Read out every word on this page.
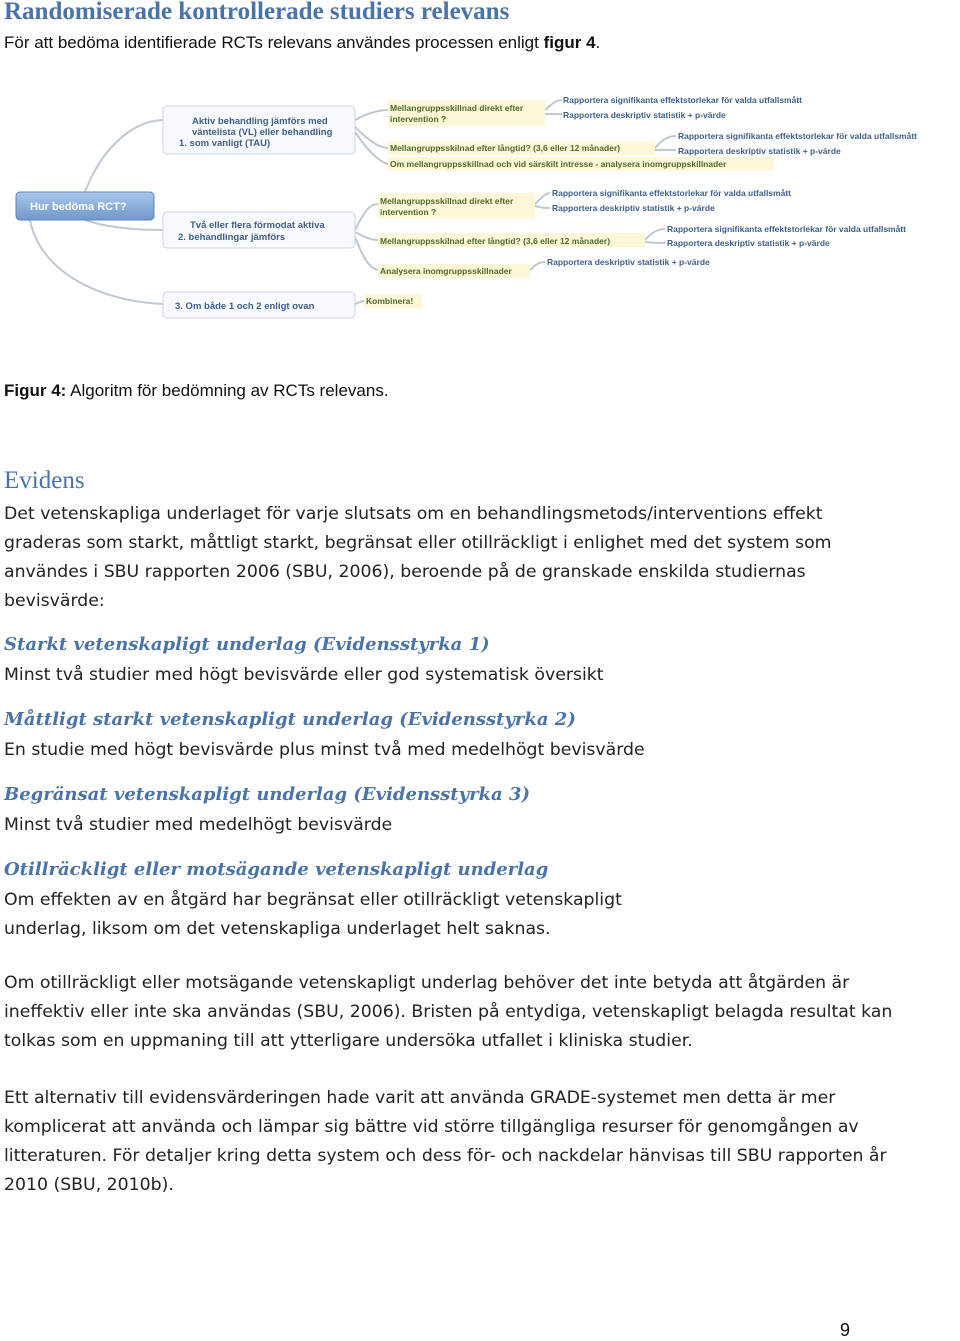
Randomiserade kontrollerade studiers relevans
För att bedöma identifierade RCTs relevans användes processen enligt figur 4.
Hur bedöma RCT?
Aktiv behandling jämförs med
väntelista (VL) eller behandling
1. som vanligt (TAU)
Två eller flera förmodat aktiva
2. behandlingar jämförs
3. Om både 1 och 2 enligt ovan
Mellangruppsskillnad direkt efter
intervention ?
Mellangruppsskilnad efter långtid? (3,6 eller 12 månader)
Om mellangruppsskillnad och vid särskilt intresse - analysera inomgruppskillnader
Rapportera signifikanta effektstorlekar för valda utfallsmått
Rapportera deskriptiv statistik + p-värde
Rapportera signifikanta effektstorlekar för valda utfallsmått
Rapportera deskriptiv statistik + p-värde
Mellangruppsskillnad direkt efter
intervention ?
Mellangruppsskilnad efter långtid? (3,6 eller 12 månader)
Analysera inomgruppsskillnader
Rapportera signifikanta effektstorlekar för valda utfallsmått
Rapportera deskriptiv statistik + p-värde
Rapportera signifikanta effektstorlekar för valda utfallsmått
Rapportera deskriptiv statistik + p-värde
Rapportera deskriptiv statistik + p-värde
Kombinera!
Figur 4: Algoritm för bedömning av RCTs relevans.
Evidens
Det vetenskapliga underlaget för varje slutsats om en behandlingsmetods/interventions effekt
graderas som starkt, måttligt starkt, begränsat eller otillräckligt i enlighet med det system som
användes i SBU rapporten 2006 (SBU, 2006), beroende på de granskade enskilda studiernas
bevisvärde:
Starkt vetenskapligt underlag (Evidensstyrka 1)
Minst två studier med högt bevisvärde eller god systematisk översikt
Måttligt starkt vetenskapligt underlag (Evidensstyrka 2)
En studie med högt bevisvärde plus minst två med medelhögt bevisvärde
Begränsat vetenskapligt underlag (Evidensstyrka 3)
Minst två studier med medelhögt bevisvärde
Otillräckligt eller motsägande vetenskapligt underlag
Om effekten av en åtgärd har begränsat eller otillräckligt vetenskapligt
underlag, liksom om det vetenskapliga underlaget helt saknas.
Om otillräckligt eller motsägande vetenskapligt underlag behöver det inte betyda att åtgärden är
ineffektiv eller inte ska användas (SBU, 2006). Bristen på entydiga, vetenskapligt belagda resultat kan
tolkas som en uppmaning till att ytterligare undersöka utfallet i kliniska studier.
Ett alternativ till evidensvärderingen hade varit att använda GRADE-systemet men detta är mer
komplicerat att använda och lämpar sig bättre vid större tillgängliga resurser för genomgången av
litteraturen. För detaljer kring detta system och dess för- och nackdelar hänvisas till SBU rapporten år
2010 (SBU, 2010b).
9
